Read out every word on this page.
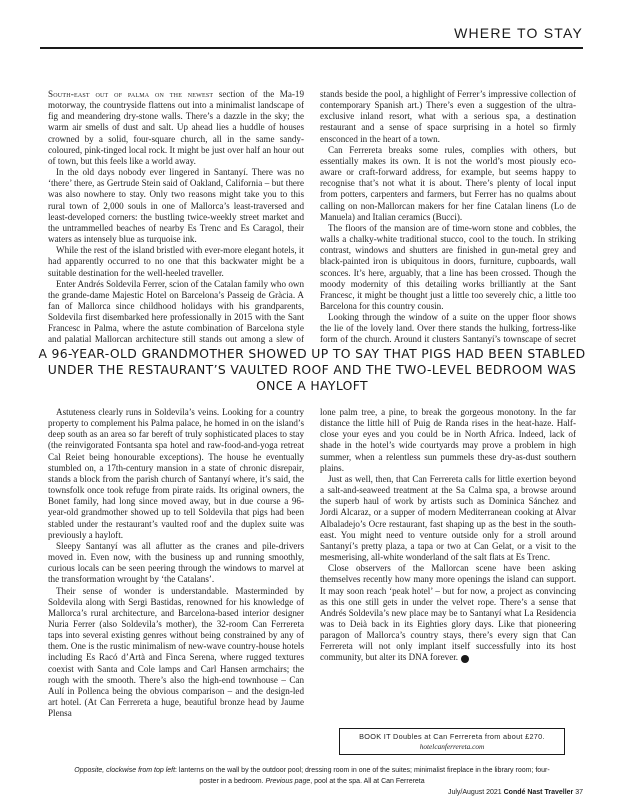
WHERE TO STAY

South-east out of palma on the newest section of the Ma-19 motorway, the countryside flattens out into a minimalist landscape of fig and meandering dry-stone walls. There’s a dazzle in the sky; the warm air smells of dust and salt. Up ahead lies a huddle of houses crowned by a solid, four-square church, all in the same sandy-coloured, pink-tinged local rock. It might be just over half an hour out of town, but this feels like a world away.

In the old days nobody ever lingered in Santanyí. There was no ‘there’ there, as Gertrude Stein said of Oakland, California – but there was also nowhere to stay. Only two reasons might take you to this rural town of 2,000 souls in one of Mallorca’s least-traversed and least-developed corners: the bustling twice-weekly street market and the untrammelled beaches of nearby Es Trenc and Es Caragol, their waters as intensely blue as turquoise ink.

While the rest of the island bristled with ever-more elegant hotels, it had apparently occurred to no one that this backwater might be a suitable destination for the well-heeled traveller.

Enter Andrés Soldevila Ferrer, scion of the Catalan family who own the grande-dame Majestic Hotel on Barcelona’s Passeig de Gràcia. A fan of Mallorca since childhood holidays with his grandparents, Soldevila first disembarked here professionally in 2015 with the Sant Francesc in Palma, where the astute combination of Barcelona style and palatial Mallorcan architecture still stands out among a slew of

stands beside the pool, a highlight of Ferrer’s impressive collection of contemporary Spanish art.) There’s even a suggestion of the ultra-exclusive inland resort, what with a serious spa, a destination restaurant and a sense of space surprising in a hotel so firmly ensconced in the heart of a town.

Can Ferrereta breaks some rules, complies with others, but essentially makes its own. It is not the world’s most piously eco-aware or craft-forward address, for example, but seems happy to recognise that’s not what it is about. There’s plenty of local input from potters, carpenters and farmers, but Ferrer has no qualms about calling on non-Mallorcan makers for her fine Catalan linens (Lo de Manuela) and Italian ceramics (Bucci).

The floors of the mansion are of time-worn stone and cobbles, the walls a chalky-white traditional stucco, cool to the touch. In striking contrast, windows and shutters are finished in gun-metal grey and black-painted iron is ubiquitous in doors, furniture, cupboards, wall sconces. It’s here, arguably, that a line has been crossed. Though the moody modernity of this detailing works brilliantly at the Sant Francesc, it might be thought just a little too severely chic, a little too Barcelona for this country cousin.

Looking through the window of a suite on the upper floor shows the lie of the lovely land. Over there stands the hulking, fortress-like form of the church. Around it clusters Santanyí’s townscape of secret

A 96-YEAR-OLD GRANDMOTHER SHOWED UP TO SAY THAT PIGS HAD BEEN STABLED UNDER THE RESTAURANT’S VAULTED ROOF AND THE TWO-LEVEL BEDROOM WAS ONCE A HAYLOFT

Astuteness clearly runs in Soldevila’s veins. Looking for a country property to complement his Palma palace, he homed in on the island’s deep south as an area so far bereft of truly sophisticated places to stay (the reinvigorated Fontsanta spa hotel and raw-food-and-yoga retreat Cal Reiet being honourable exceptions). The house he eventually stumbled on, a 17th-century mansion in a state of chronic disrepair, stands a block from the parish church of Santanyí where, it’s said, the townsfolk once took refuge from pirate raids. Its original owners, the Bonet family, had long since moved away, but in due course a 96-year-old grandmother showed up to tell Soldevila that pigs had been stabled under the restaurant’s vaulted roof and the duplex suite was previously a hayloft.

Sleepy Santanyí was all aflutter as the cranes and pile-drivers moved in. Even now, with the business up and running smoothly, curious locals can be seen peering through the windows to marvel at the transformation wrought by ‘the Catalans’.

Their sense of wonder is understandable. Masterminded by Soldevila along with Sergi Bastidas, renowned for his knowledge of Mallorca’s rural architecture, and Barcelona-based interior designer Nuria Ferrer (also Soldevila’s mother), the 32-room Can Ferrereta taps into several existing genres without being constrained by any of them. One is the rustic minimalism of new-wave country-house hotels including Es Racó d’Artà and Finca Serena, where rugged textures coexist with Santa and Cole lamps and Carl Hansen armchairs; the rough with the smooth. There’s also the high-end townhouse – Can Aulí in Pollenca being the obvious comparison – and the design-led art hotel. (At Can Ferrereta a huge, beautiful bronze head by Jaume Plensa

lone palm tree, a pine, to break the gorgeous monotony. In the far distance the little hill of Puig de Randa rises in the heat-haze. Half-close your eyes and you could be in North Africa. Indeed, lack of shade in the hotel’s wide courtyards may prove a problem in high summer, when a relentless sun pummels these dry-as-dust southern plains.

Just as well, then, that Can Ferrereta calls for little exertion beyond a salt-and-seaweed treatment at the Sa Calma spa, a browse around the superb haul of work by artists such as Dominica Sánchez and Jordi Alcaraz, or a supper of modern Mediterranean cooking at Alvar Albaladejo’s Ocre restaurant, fast shaping up as the best in the south-east. You might need to venture outside only for a stroll around Santanyí’s pretty plaza, a tapa or two at Can Gelat, or a visit to the mesmerising, all-white wonderland of the salt flats at Es Trenc.

Close observers of the Mallorcan scene have been asking themselves recently how many more openings the island can support. It may soon reach ‘peak hotel’ – but for now, a project as convincing as this one still gets in under the velvet rope. There’s a sense that Andrés Soldevila’s new place may be to Santanyí what La Residencia was to Deià back in its Eighties glory days. Like that pioneering paragon of Mallorca’s country stays, there’s every sign that Can Ferrereta will not only implant itself successfully into its host community, but alter its DNA forever. T

BOOK IT Doubles at Can Ferrereta from about £270.
hotelcanferrereta.com
Opposite, clockwise from top left: lanterns on the wall by the outdoor pool; dressing room in one of the suites; minimalist fireplace in the library room; four-poster in a bedroom. Previous page, pool at the spa. All at Can Ferrereta
July/August 2021 Condé Nast Traveller 37
